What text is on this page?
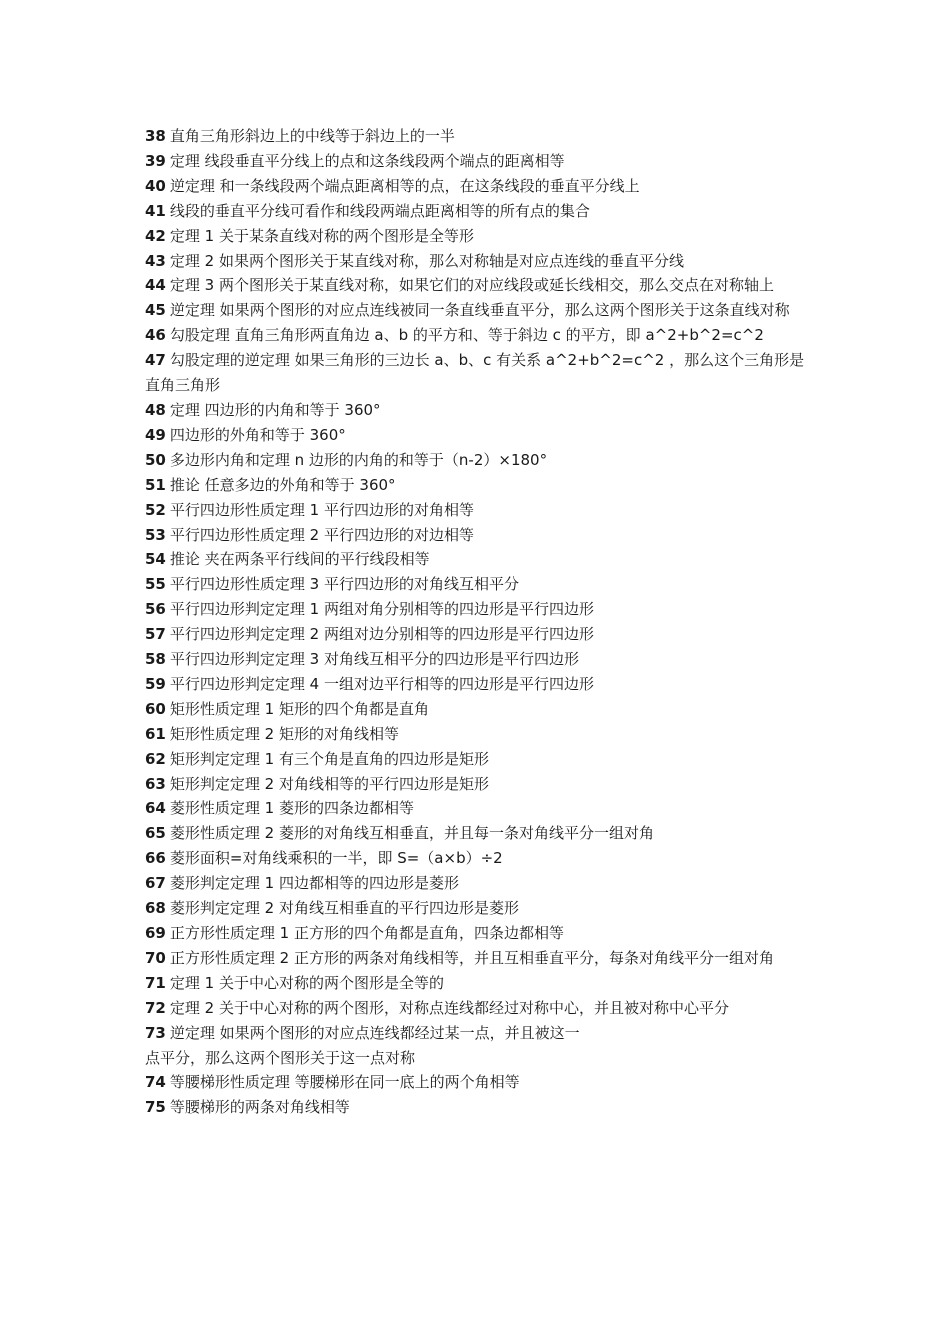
38 直角三角形斜边上的中线等于斜边上的一半
39 定理 线段垂直平分线上的点和这条线段两个端点的距离相等
40 逆定理 和一条线段两个端点距离相等的点，在这条线段的垂直平分线上
41 线段的垂直平分线可看作和线段两端点距离相等的所有点的集合
42 定理 1 关于某条直线对称的两个图形是全等形
43 定理 2 如果两个图形关于某直线对称，那么对称轴是对应点连线的垂直平分线
44 定理 3 两个图形关于某直线对称，如果它们的对应线段或延长线相交，那么交点在对称轴上
45 逆定理 如果两个图形的对应点连线被同一条直线垂直平分，那么这两个图形关于这条直线对称
46 勾股定理 直角三角形两直角边 a、b 的平方和、等于斜边 c 的平方，即 a^2+b^2=c^2
47 勾股定理的逆定理 如果三角形的三边长 a、b、c 有关系 a^2+b^2=c^2 ，那么这个三角形是直角三角形
48 定理 四边形的内角和等于 360°
49 四边形的外角和等于 360°
50 多边形内角和定理 n 边形的内角的和等于（n-2）×180°
51 推论 任意多边的外角和等于 360°
52 平行四边形性质定理 1 平行四边形的对角相等
53 平行四边形性质定理 2 平行四边形的对边相等
54 推论 夹在两条平行线间的平行线段相等
55 平行四边形性质定理 3 平行四边形的对角线互相平分
56 平行四边形判定定理 1 两组对角分别相等的四边形是平行四边形
57 平行四边形判定定理 2 两组对边分别相等的四边形是平行四边形
58 平行四边形判定定理 3 对角线互相平分的四边形是平行四边形
59 平行四边形判定定理 4 一组对边平行相等的四边形是平行四边形
60 矩形性质定理 1 矩形的四个角都是直角
61 矩形性质定理 2 矩形的对角线相等
62 矩形判定定理 1 有三个角是直角的四边形是矩形
63 矩形判定定理 2 对角线相等的平行四边形是矩形
64 菱形性质定理 1 菱形的四条边都相等
65 菱形性质定理 2 菱形的对角线互相垂直，并且每一条对角线平分一组对角
66 菱形面积=对角线乘积的一半，即 S=（a×b）÷2
67 菱形判定定理 1 四边都相等的四边形是菱形
68 菱形判定定理 2 对角线互相垂直的平行四边形是菱形
69 正方形性质定理 1 正方形的四个角都是直角，四条边都相等
70 正方形性质定理 2 正方形的两条对角线相等，并且互相垂直平分，每条对角线平分一组对角
71 定理 1 关于中心对称的两个图形是全等的
72 定理 2 关于中心对称的两个图形，对称点连线都经过对称中心，并且被对称中心平分
73 逆定理 如果两个图形的对应点连线都经过某一点，并且被这一
点平分，那么这两个图形关于这一点对称
74 等腰梯形性质定理 等腰梯形在同一底上的两个角相等
75 等腰梯形的两条对角线相等
